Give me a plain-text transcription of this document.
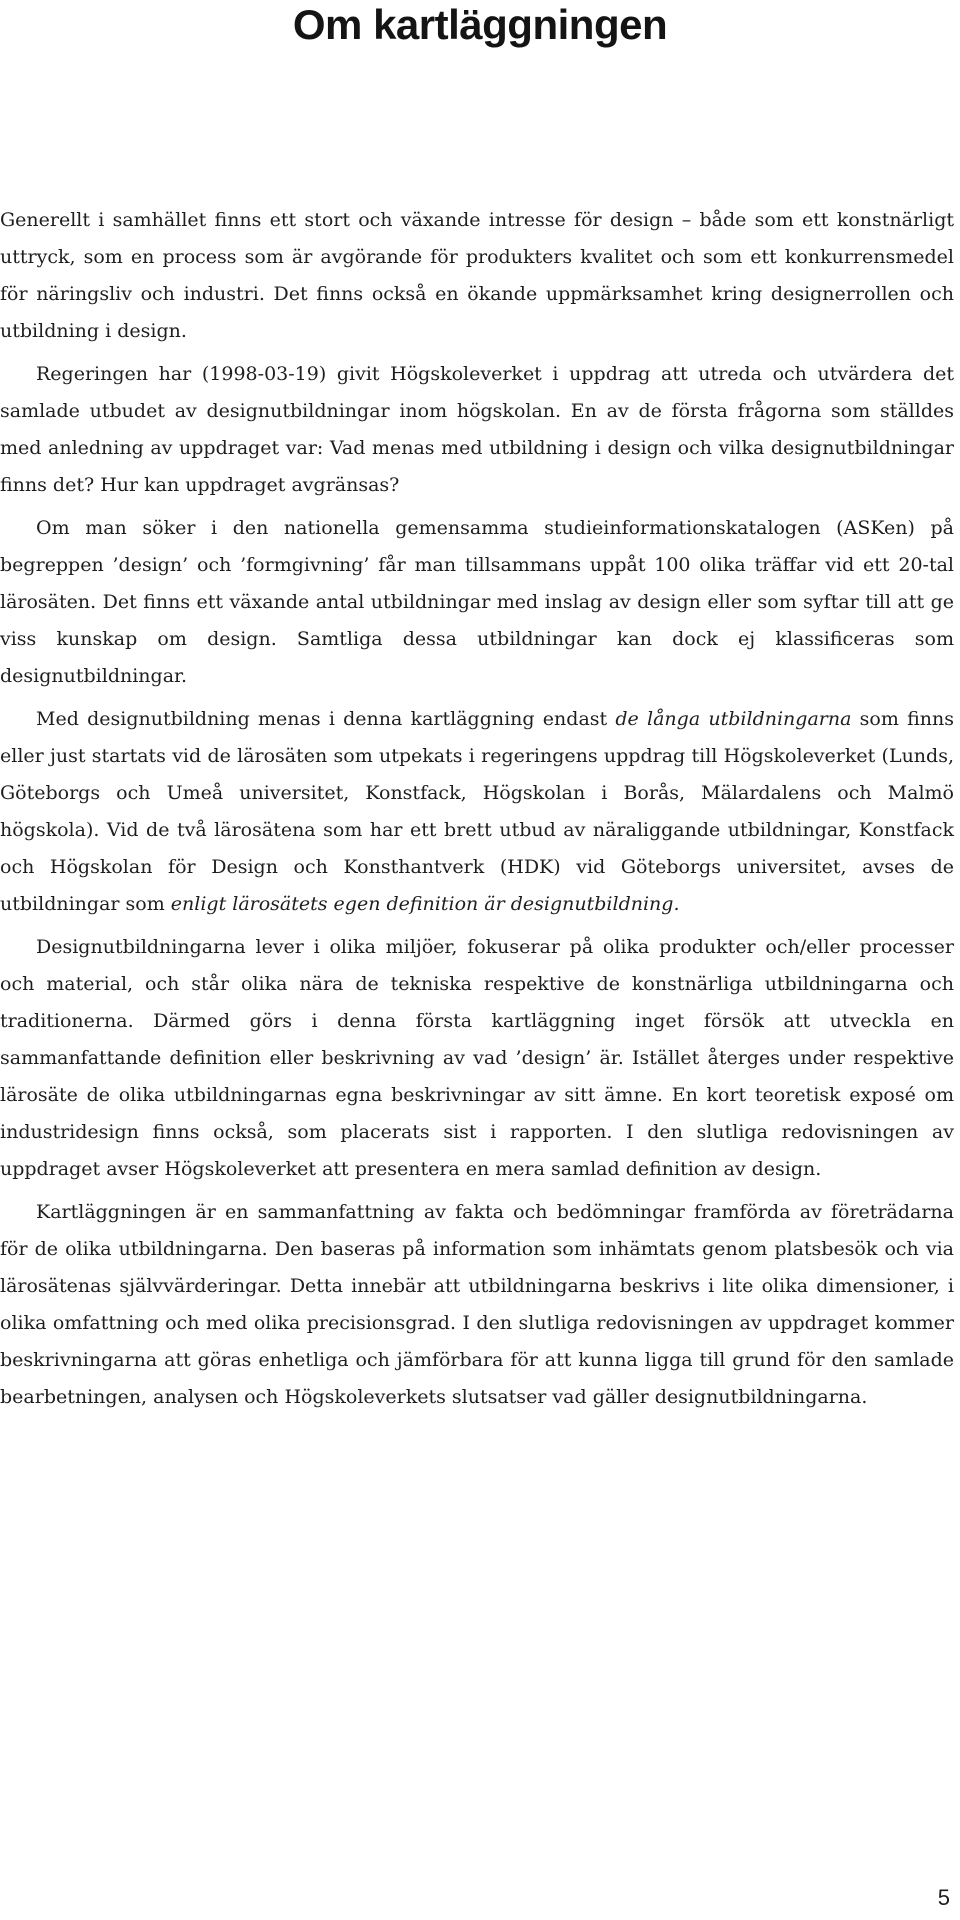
Om kartläggningen

Generellt i samhället finns ett stort och växande intresse för design – både som ett konstnärligt uttryck, som en process som är avgörande för produkters kvalitet och som ett konkurrensmedel för näringsliv och industri. Det finns också en ökande uppmärksamhet kring designerrollen och utbildning i design.

Regeringen har (1998-03-19) givit Högskoleverket i uppdrag att utreda och utvärdera det samlade utbudet av designutbildningar inom högskolan. En av de första frågorna som ställdes med anledning av uppdraget var: Vad menas med utbildning i design och vilka designutbildningar finns det? Hur kan uppdraget avgränsas?

Om man söker i den nationella gemensamma studieinformationskatalogen (ASKen) på begreppen ’design’ och ’formgivning’ får man tillsammans uppåt 100 olika träffar vid ett 20-tal lärosäten. Det finns ett växande antal utbildningar med inslag av design eller som syftar till att ge viss kunskap om design. Samtliga dessa utbildningar kan dock ej klassificeras som designutbildningar.

Med designutbildning menas i denna kartläggning endast de långa utbildningarna som finns eller just startats vid de lärosäten som utpekats i regeringens uppdrag till Högskoleverket (Lunds, Göteborgs och Umeå universitet, Konstfack, Högskolan i Borås, Mälardalens och Malmö högskola). Vid de två lärosätena som har ett brett utbud av näraliggande utbildningar, Konstfack och Högskolan för Design och Konsthantverk (HDK) vid Göteborgs universitet, avses de utbildningar som enligt lärosätets egen definition är designutbildning.

Designutbildningarna lever i olika miljöer, fokuserar på olika produkter och/eller processer och material, och står olika nära de tekniska respektive de konstnärliga utbildningarna och traditionerna. Därmed görs i denna första kartläggning inget försök att utveckla en sammanfattande definition eller beskrivning av vad ’design’ är. Istället återges under respektive lärosäte de olika utbildningarnas egna beskrivningar av sitt ämne. En kort teoretisk exposé om industridesign finns också, som placerats sist i rapporten. I den slutliga redovisningen av uppdraget avser Högskoleverket att presentera en mera samlad definition av design.

Kartläggningen är en sammanfattning av fakta och bedömningar framförda av företrädarna för de olika utbildningarna. Den baseras på information som inhämtats genom platsbesök och via lärosätenas självvärderingar. Detta innebär att utbildningarna beskrivs i lite olika dimensioner, i olika omfattning och med olika precisionsgrad. I den slutliga redovisningen av uppdraget kommer beskrivningarna att göras enhetliga och jämförbara för att kunna ligga till grund för den samlade bearbetningen, analysen och Högskoleverkets slutsatser vad gäller designutbildningarna.

5
